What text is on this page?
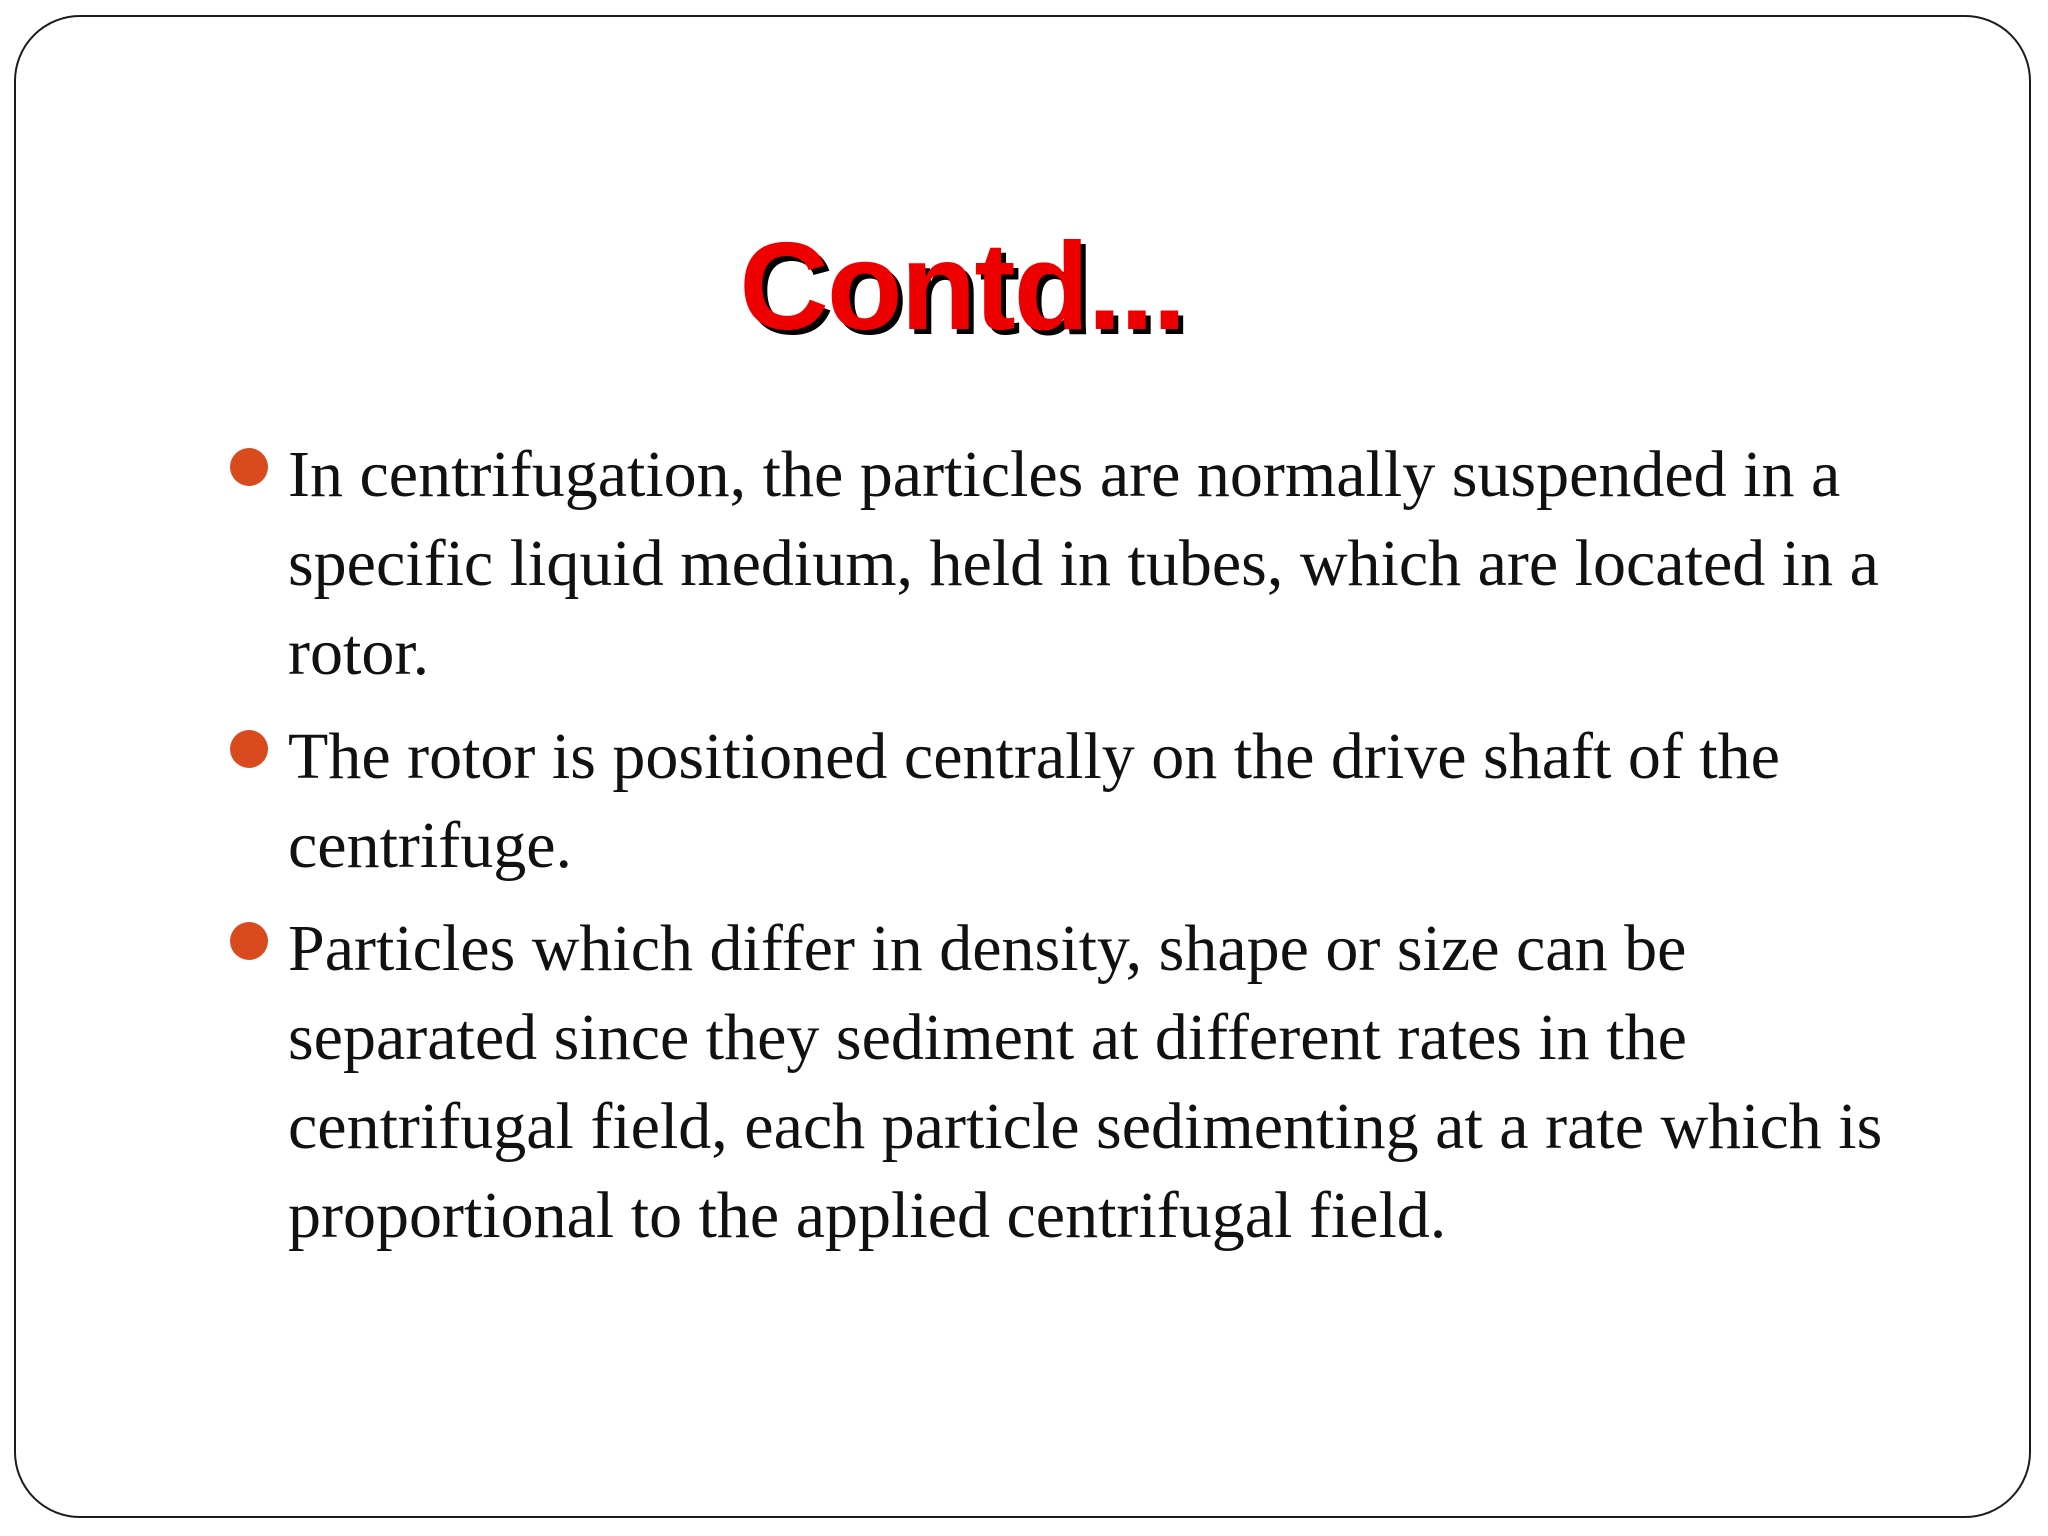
Contd...

In centrifugation, the particles are normally suspended in a
specific liquid medium, held in tubes, which are located in a
rotor.

The rotor is positioned centrally on the drive shaft of the
centrifuge.

Particles which differ in density, shape or size can be
separated since they sediment at different rates in the
centrifugal field, each particle sedimenting at a rate which is
proportional to the applied centrifugal field.
